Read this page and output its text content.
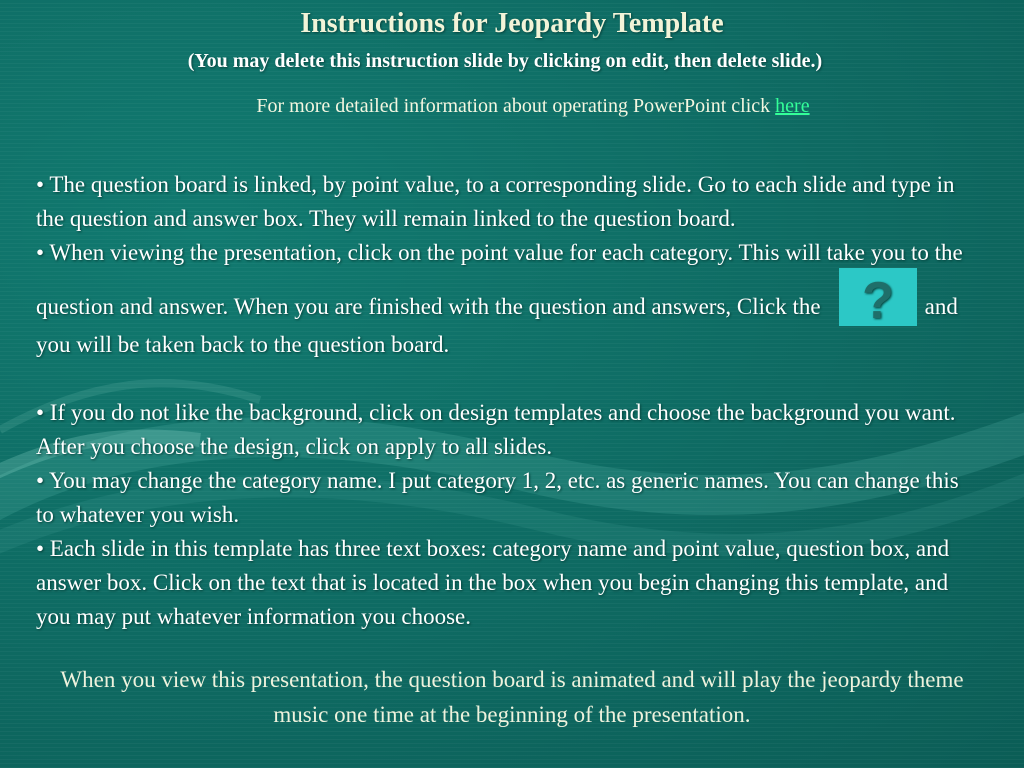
Instructions for Jeopardy Template
(You may delete this instruction slide by clicking on edit, then delete slide.)
For more detailed information about operating PowerPoint click here

• The question board is linked, by point value, to a corresponding slide. Go to each slide and type in the question and answer box. They will remain linked to the question board.

• When viewing the presentation, click on the point value for each category. This will take you to the question and answer. When you are finished with the question and answers, Click the ? and you will be taken back to the question board.

• If you do not like the background, click on design templates and choose the background you want. After you choose the design, click on apply to all slides.

• You may change the category name. I put category 1, 2, etc. as generic names. You can change this to whatever you wish.

• Each slide in this template has three text boxes: category name and point value, question box, and answer box. Click on the text that is located in the box when you begin changing this template, and you may put whatever information you choose.

When you view this presentation, the question board is animated and will play the jeopardy theme music one time at the beginning of the presentation.
